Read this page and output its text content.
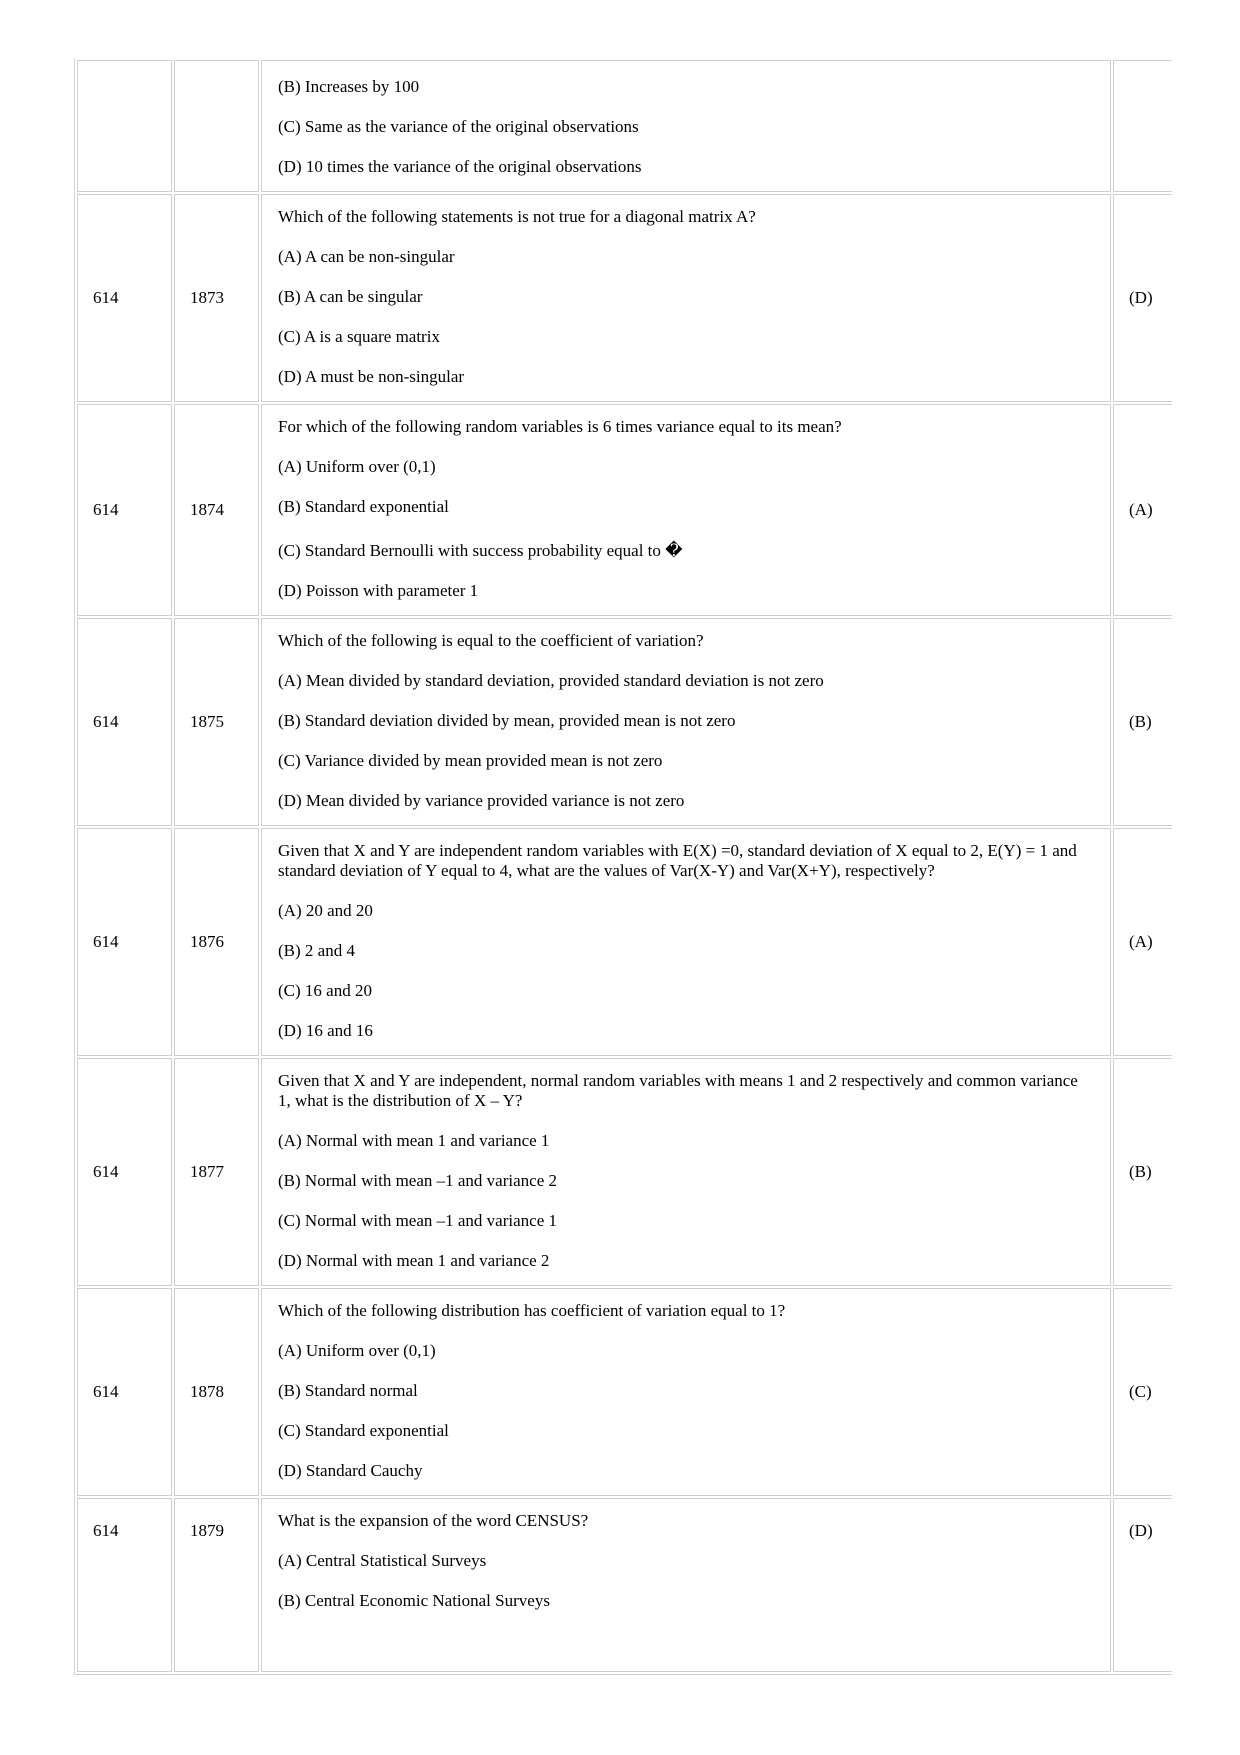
		(B) Increases by 100

(C) Same as the variance of the original observations

(D) 10 times the variance of the original observations	

614	1873	Which of the following statements is not true for a diagonal matrix A?

(A) A can be non-singular

(B) A can be singular

(C) A is a square matrix

(D) A must be non-singular	(D)
614	1874	For which of the following random variables is 6 times variance equal to its mean?

(A) Uniform over (0,1)

(B) Standard exponential

(C) Standard Bernoulli with success probability equal to �

(D) Poisson with parameter 1	(A)
614	1875	Which of the following is equal to the coefficient of variation?

(A) Mean divided by standard deviation, provided standard deviation is not zero

(B) Standard deviation divided by mean, provided mean is not zero

(C) Variance divided by mean provided mean is not zero

(D) Mean divided by variance provided variance is not zero	(B)
614	1876	Given that X and Y are independent random variables with E(X) =0, standard deviation of X equal to 2, E(Y) = 1 and standard deviation of Y equal to 4, what are the values of Var(X-Y) and Var(X+Y), respectively?

(A) 20 and 20

(B) 2 and 4

(C) 16 and 20

(D) 16 and 16	(A)
614	1877	Given that X and Y are independent, normal random variables with means 1 and 2 respectively and common variance 1, what is the distribution of X – Y?

(A) Normal with mean 1 and variance 1

(B) Normal with mean –1 and variance 2

(C) Normal with mean –1 and variance 1

(D) Normal with mean 1 and variance 2	(B)
614	1878	Which of the following distribution has coefficient of variation equal to 1?

(A) Uniform over (0,1)

(B) Standard normal

(C) Standard exponential

(D) Standard Cauchy	(C)
614	1879	What is the expansion of the word CENSUS?

(A) Central Statistical Surveys

(B) Central Economic National Surveys	(D)
